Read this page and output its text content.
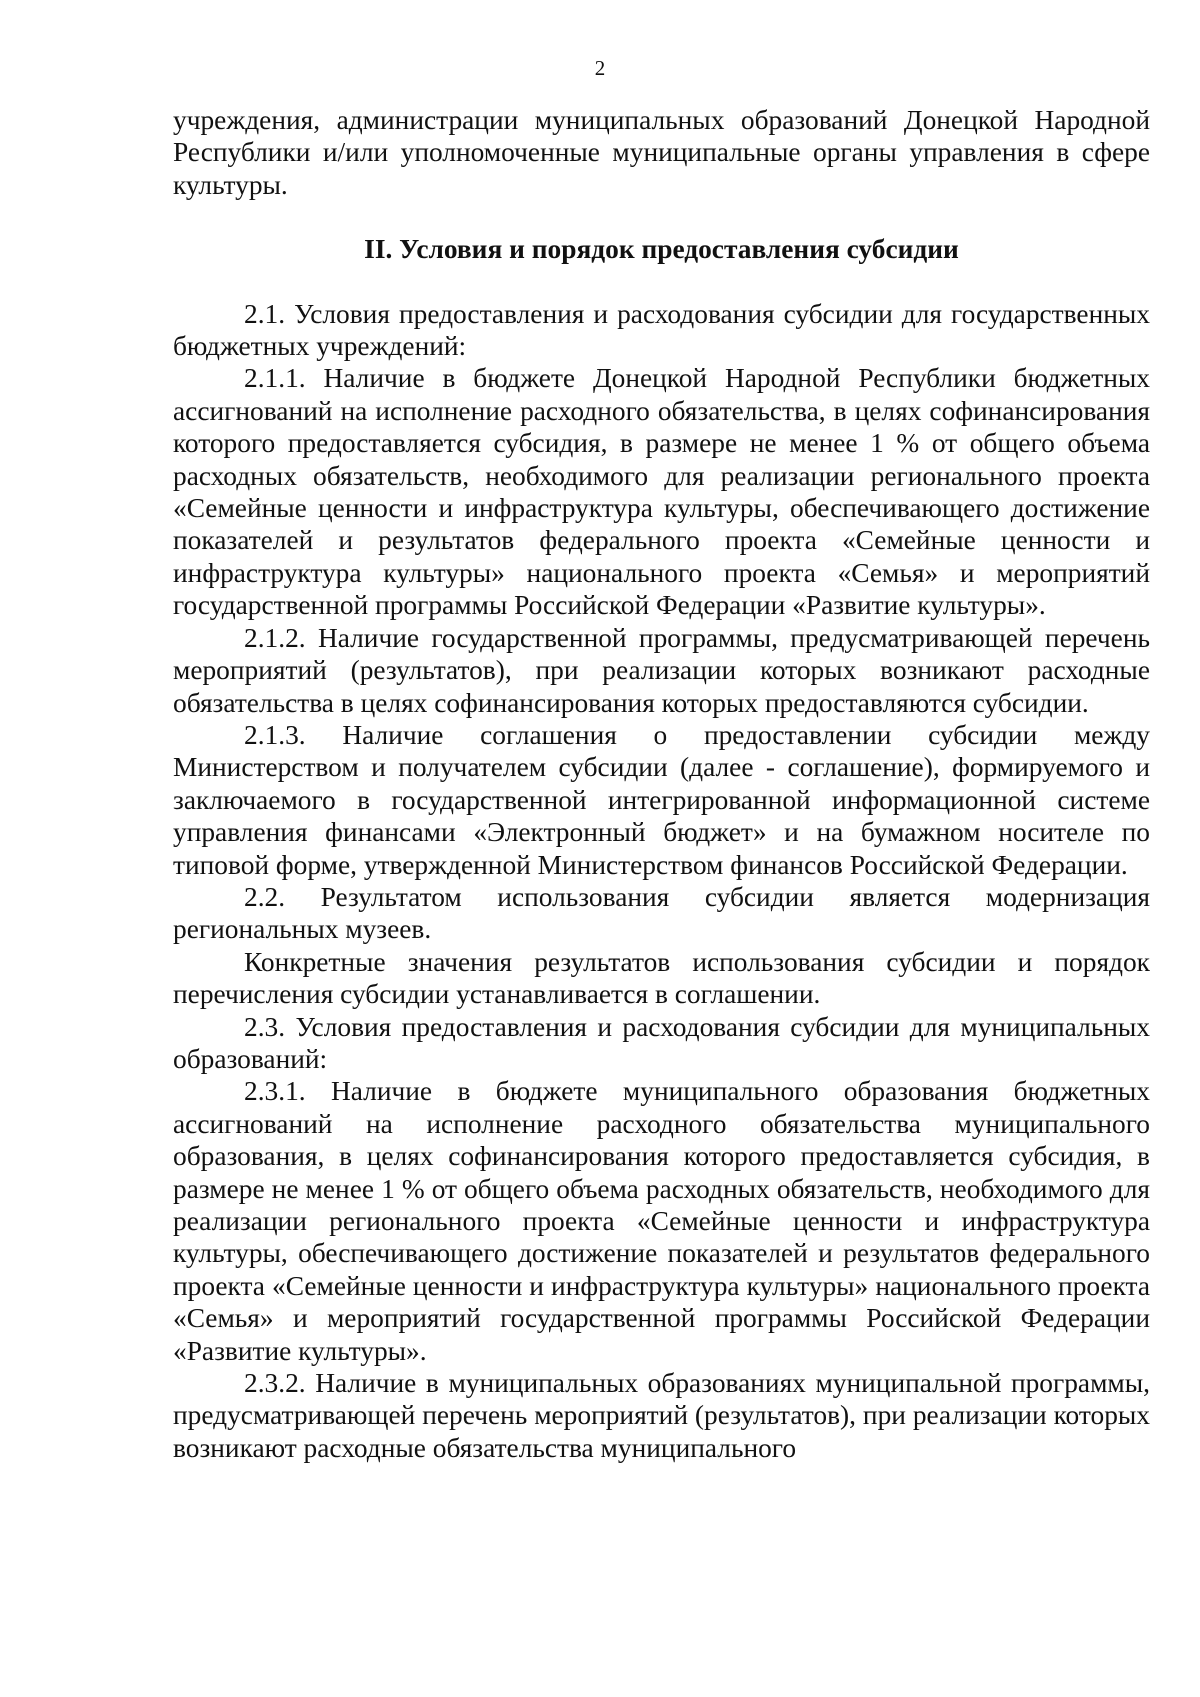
2

учреждения, администрации муниципальных образований Донецкой Народной Республики и/или уполномоченные муниципальные органы управления в сфере культуры.

II. Условия и порядок предоставления субсидии

2.1. Условия предоставления и расходования субсидии для государственных бюджетных учреждений:

2.1.1. Наличие в бюджете Донецкой Народной Республики бюджетных ассигнований на исполнение расходного обязательства, в целях софинансирования которого предоставляется субсидия, в размере не менее 1 % от общего объема расходных обязательств, необходимого для реализации регионального проекта «Семейные ценности и инфраструктура культуры, обеспечивающего достижение показателей и результатов федерального проекта «Семейные ценности и инфраструктура культуры» национального проекта «Семья» и мероприятий государственной программы Российской Федерации «Развитие культуры».

2.1.2. Наличие государственной программы, предусматривающей перечень мероприятий (результатов), при реализации которых возникают расходные обязательства в целях софинансирования которых предоставляются субсидии.

2.1.3. Наличие соглашения о предоставлении субсидии между Министерством и получателем субсидии (далее - соглашение), формируемого и заключаемого в государственной интегрированной информационной системе управления финансами «Электронный бюджет» и на бумажном носителе по типовой форме, утвержденной Министерством финансов Российской Федерации.

2.2. Результатом использования субсидии является модернизация региональных музеев.

Конкретные значения результатов использования субсидии и порядок перечисления субсидии устанавливается в соглашении.

2.3. Условия предоставления и расходования субсидии для муниципальных образований:

2.3.1. Наличие в бюджете муниципального образования бюджетных ассигнований на исполнение расходного обязательства муниципального образования, в целях софинансирования которого предоставляется субсидия, в размере не менее 1 % от общего объема расходных обязательств, необходимого для реализации регионального проекта «Семейные ценности и инфраструктура культуры, обеспечивающего достижение показателей и результатов федерального проекта «Семейные ценности и инфраструктура культуры» национального проекта «Семья» и мероприятий государственной программы Российской Федерации «Развитие культуры».

2.3.2. Наличие в муниципальных образованиях муниципальной программы, предусматривающей перечень мероприятий (результатов), при реализации которых возникают расходные обязательства муниципального
